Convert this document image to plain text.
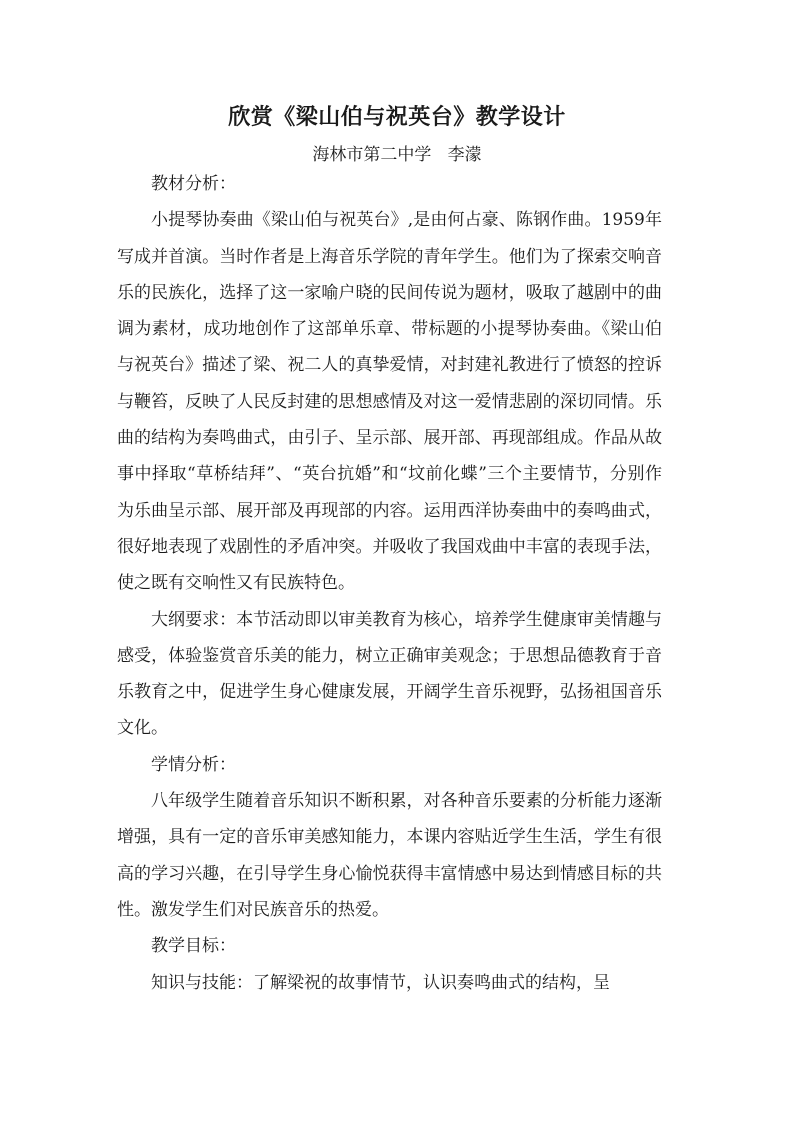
欣赏《梁山伯与祝英台》教学设计
海林市第二中学   李濛

教材分析：

小提琴协奏曲《梁山伯与祝英台》,是由何占豪、陈钢作曲。1959年写成并首演。当时作者是上海音乐学院的青年学生。他们为了探索交响音乐的民族化，选择了这一家喻户晓的民间传说为题材，吸取了越剧中的曲调为素材，成功地创作了这部单乐章、带标题的小提琴协奏曲。《梁山伯与祝英台》描述了梁、祝二人的真挚爱情，对封建礼教进行了愤怒的控诉与鞭笞，反映了人民反封建的思想感情及对这一爱情悲剧的深切同情。乐曲的结构为奏鸣曲式，由引子、呈示部、展开部、再现部组成。作品从故事中择取“草桥结拜”、“英台抗婚”和“坟前化蝶”三个主要情节，分别作为乐曲呈示部、展开部及再现部的内容。运用西洋协奏曲中的奏鸣曲式，很好地表现了戏剧性的矛盾冲突。并吸收了我国戏曲中丰富的表现手法，使之既有交响性又有民族特色。

大纲要求：本节活动即以审美教育为核心，培养学生健康审美情趣与感受，体验鉴赏音乐美的能力，树立正确审美观念；于思想品德教育于音乐教育之中，促进学生身心健康发展，开阔学生音乐视野，弘扬祖国音乐文化。

学情分析：

八年级学生随着音乐知识不断积累，对各种音乐要素的分析能力逐渐增强，具有一定的音乐审美感知能力，本课内容贴近学生生活，学生有很高的学习兴趣，在引导学生身心愉悦获得丰富情感中易达到情感目标的共性。激发学生们对民族音乐的热爱。

教学目标：

知识与技能：了解梁祝的故事情节，认识奏鸣曲式的结构，呈
